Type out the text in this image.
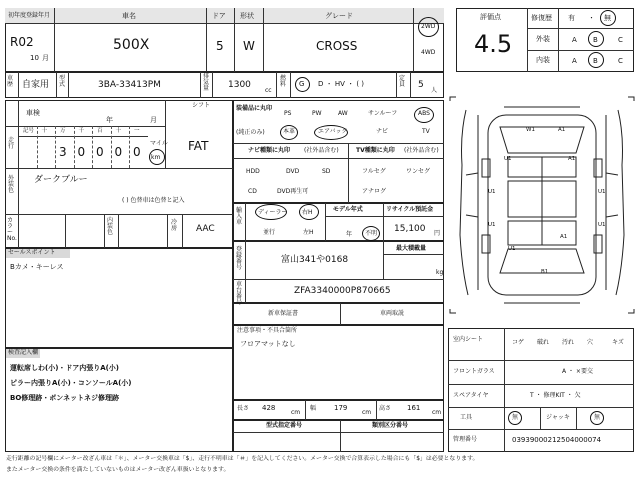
初年度登録年月	車名	ドア 形状	グレード
R02
10 月
500X	5 W	CROSS
2WD
4WD
車歴 自家用
型式	3BA-33413PM
排気量 1300
cc
燃料 G D ・ HV ・ ( )
定員 5
人
評価点
4.5
修復歴 有 ・ 無
外装	A B	C
内装	A B	C
車検
年	月
シフト
FAT
記号 十 万 千 百 十 一
3 0 0 0 0
走行	マイル
km
外装色
ダークブルー
( ) 色替車は色替と記入
カラーNo.
内装色
冷房 AAC
装備品に丸印
(純正のみ)
PS	PW	AW	サンルーフ	ABS
本革	エアバック	ナビ	TV
ナビ種類に丸印 (社外品含む)	TV種類に丸印 (社外品含む)
HDD	DVD	SD
CD	DVD再生可
フルセグ	ワンセグ
アナログ
輸入車
ディーラー 右H
並行	左H
モデル年式
年 不明
リサイクル預託金
15,100 円
登録番号
富山341や0168
最大積載量
kg
車台番号
ZFA3340000P870665
新車保証書	車両取説
注意事項・不具合箇所
フロアマットなし
長さ 428
cm
幅	179
cm
高さ 161
cm
型式指定番号	類別区分番号
セールスポイント
Bカメ・キーレス
検査記入欄
運転席しわ(小)・ドア内張りA(小)
ピラー内張りA(小)・コンソールA(小)
BO修理跡・ボンネットネジ修理跡
W1	A1
U1	A1
U1	U1
U1	U1
A1
U1
B1
室内シート	コゲ 破れ 汚れ 穴	キズ
フロントガラス	A ・ ×要交
スペアタイヤ	T ・ 修理KIT ・ 欠
工具	無	ジャッキ	無
管理番号	03939000212504000074
走行距離の記号欄にメーター改ざん車は「＊」、メーター交換車は「$」、走行不明車は「＃」を記入してください。メーター交換で合算表示した場合にも「$」は必要となります。
またメーター交換の条件を満たしていないものはメーター改ざん車扱いとなります。
